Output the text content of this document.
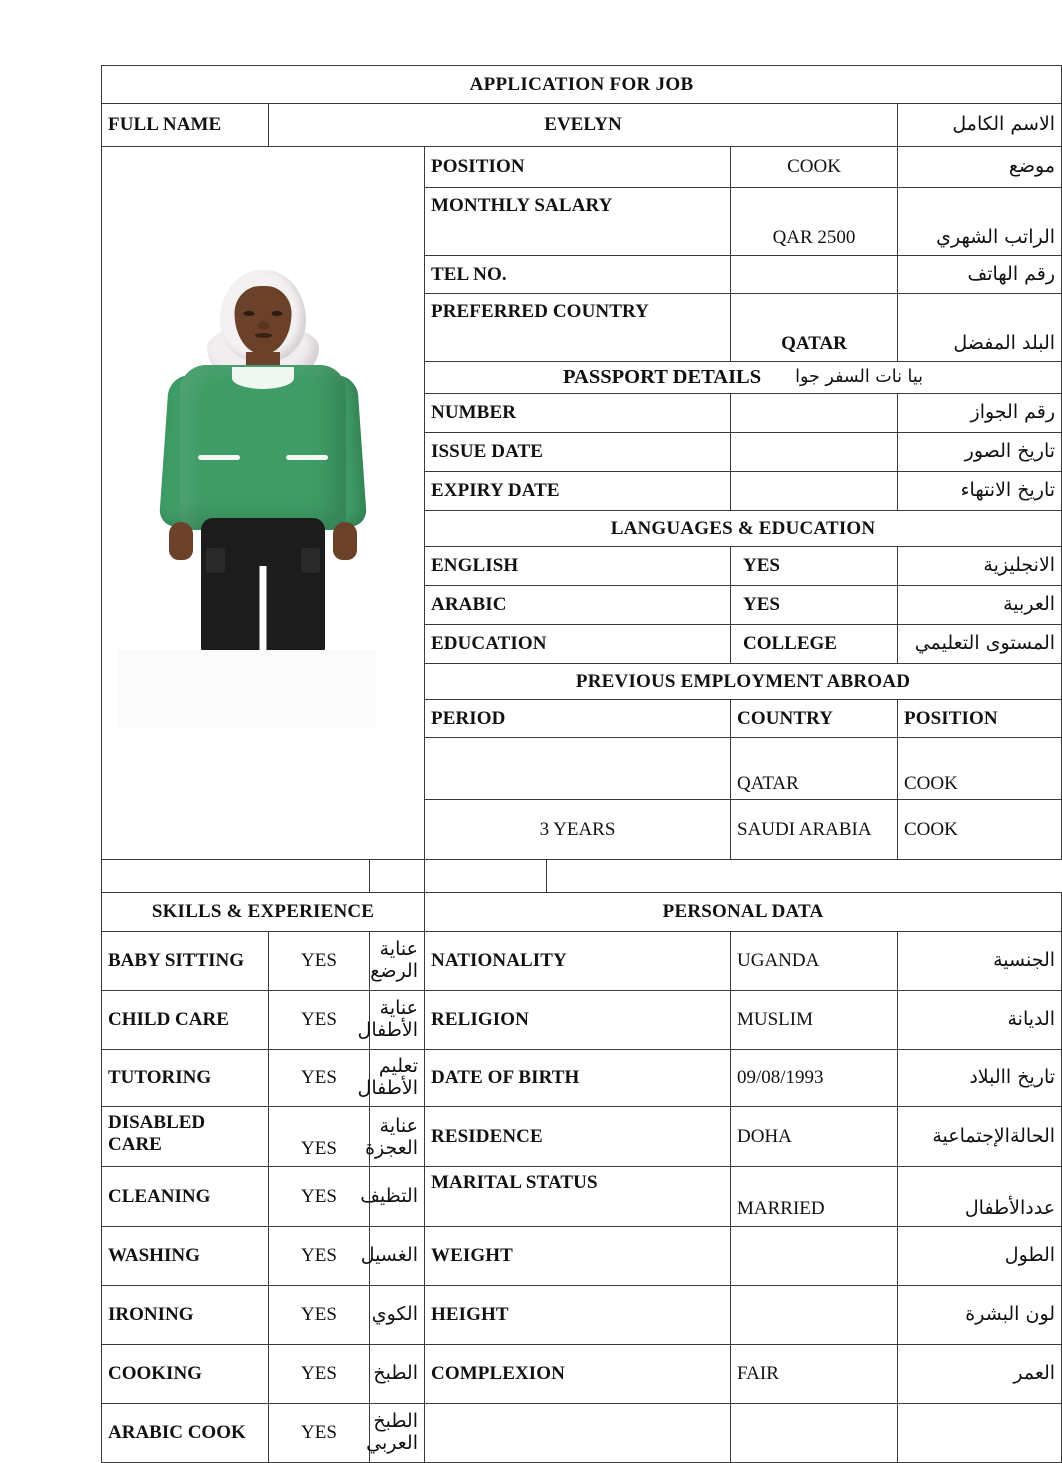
APPLICATION FOR JOB					
FULL NAME	EVELYN				الاسم الكامل

			POSITION	COOK	موضع
			MONTHLY SALARY	QAR 2500	الراتب الشهري
			TEL NO.		رقم الهاتف
			PREFERRED COUNTRY	QATAR	البلد المفضل

			PASSPORT DETAILS بيا نات السفر جوا		

			NUMBER		رقم الجواز
			ISSUE DATE		تاريخ الصور
			EXPIRY DATE		تاريخ الانتهاء
			LANGUAGES & EDUCATION		
			ENGLISH	YES	الانجليزية
			ARABIC	YES	العربية
			EDUCATION	COLLEGE	المستوى التعليمي
			PREVIOUS EMPLOYMENT ABROAD		
			PERIOD	COUNTRY	POSITION
				QATAR	COOK
			3 YEARS	SAUDI ARABIA	COOK

SKILLS & EXPERIENCE			PERSONAL DATA		
BABY SITTING	YES	عناية الرضع	NATIONALITY	UGANDA	الجنسية
CHILD CARE	YES	عناية الأطفال	RELIGION	MUSLIM	الديانة
TUTORING	YES	تعليم الأطفال	DATE OF BIRTH	09/08/1993	تاريخ االبلاد
DISABLED CARE	YES	عناية العجزة	RESIDENCE	DOHA	الحالةالإجتماعية
CLEANING	YES	التظيف	MARITAL STATUS	MARRIED	عددالأطفال
WASHING	YES	الغسيل	WEIGHT		الطول
IRONING	YES	الكوي	HEIGHT		لون البشرة
COOKING	YES	الطبخ	COMPLEXION	FAIR	العمر
ARABIC COOK	YES	الطبخ العربي			
